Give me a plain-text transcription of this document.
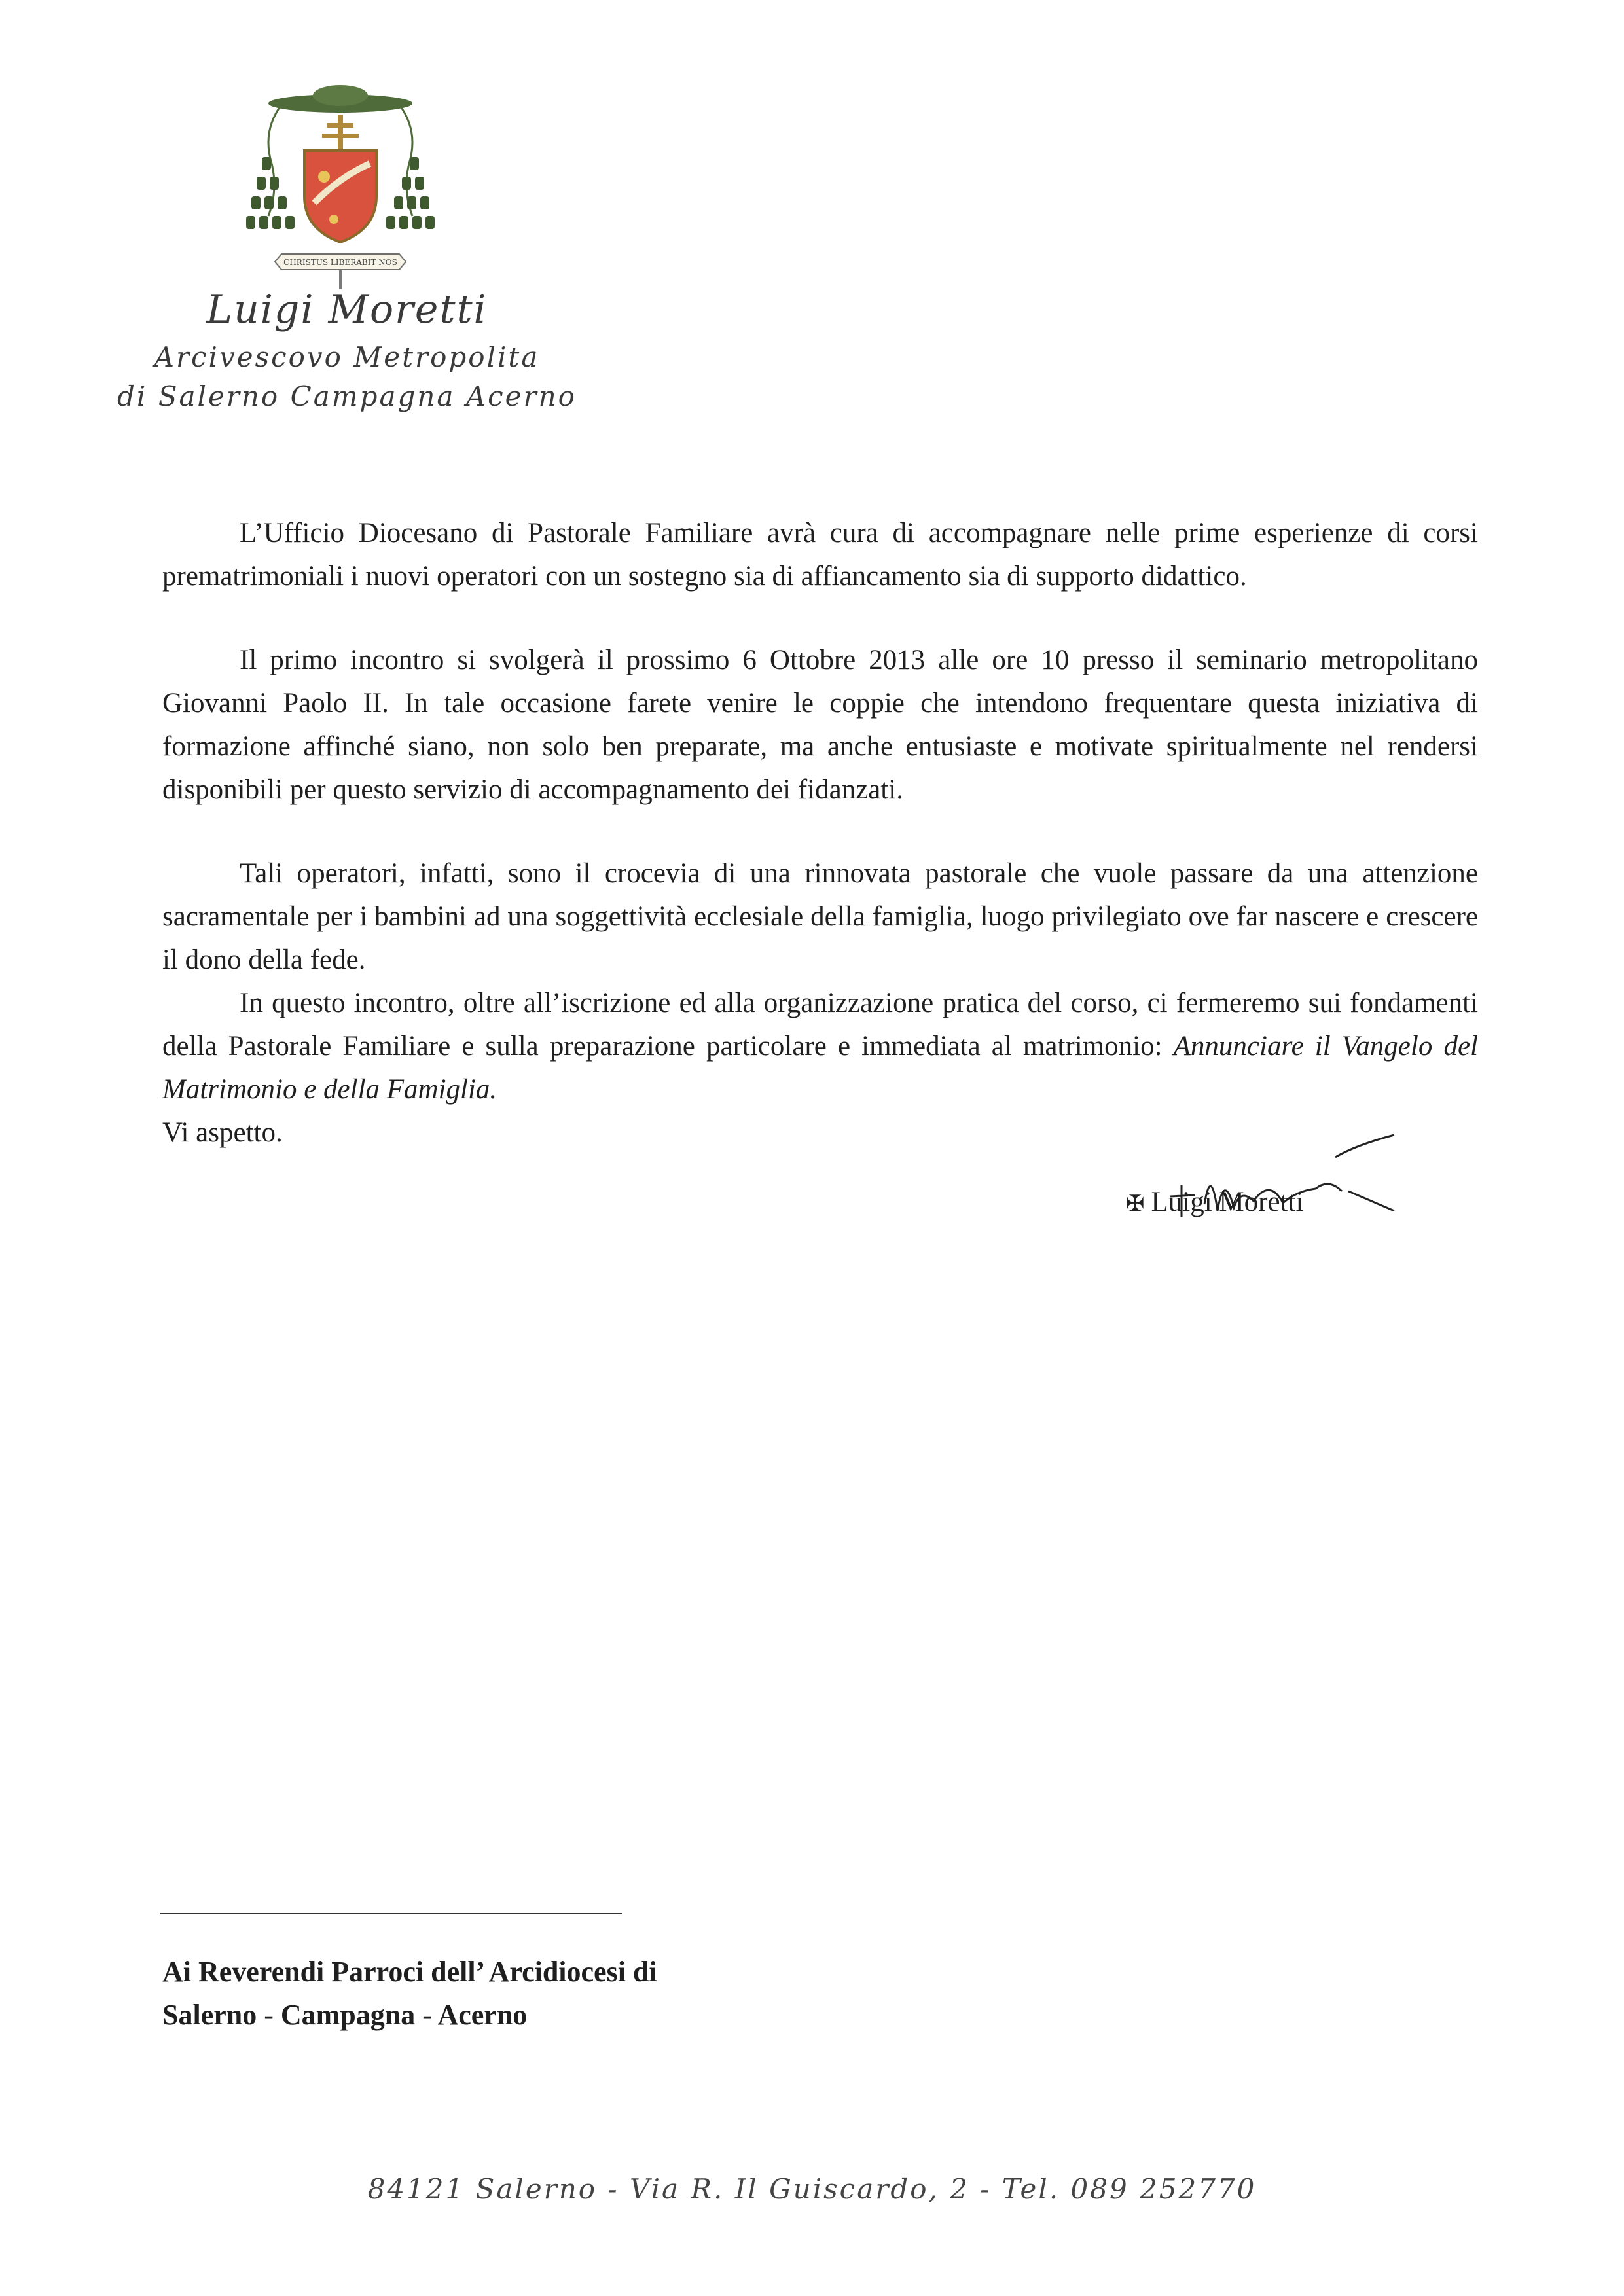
CHRISTUS LIBERABIT NOS
Luigi Moretti
Arcivescovo Metropolita
di Salerno Campagna Acerno

L’Ufficio Diocesano di Pastorale Familiare avrà cura di accompagnare nelle prime esperienze di corsi prematrimoniali i nuovi operatori con un sostegno sia di affiancamento sia di supporto didattico.

Il primo incontro si svolgerà il prossimo 6 Ottobre 2013 alle ore 10 presso il seminario metropolitano Giovanni Paolo II. In tale occasione farete venire le coppie che intendono frequentare questa iniziativa di formazione affinché siano, non solo ben preparate, ma anche entusiaste e motivate spiritualmente nel rendersi disponibili per questo servizio di accompagnamento dei fidanzati.

Tali operatori, infatti, sono il crocevia di una rinnovata pastorale che vuole passare da una attenzione sacramentale per i bambini ad una soggettività ecclesiale della famiglia, luogo privilegiato ove far nascere e crescere il dono della fede.

In questo incontro, oltre all’iscrizione ed alla organizzazione pratica del corso, ci fermeremo sui fondamenti della Pastorale Familiare e sulla preparazione particolare e immediata al matrimonio: Annunciare il Vangelo del Matrimonio e della Famiglia.

Vi aspetto.

✠ Luigi Moretti
Ai Reverendi Parroci dell’ Arcidiocesi di
Salerno - Campagna - Acerno
84121 Salerno - Via R. Il Guiscardo, 2 - Tel. 089 252770
